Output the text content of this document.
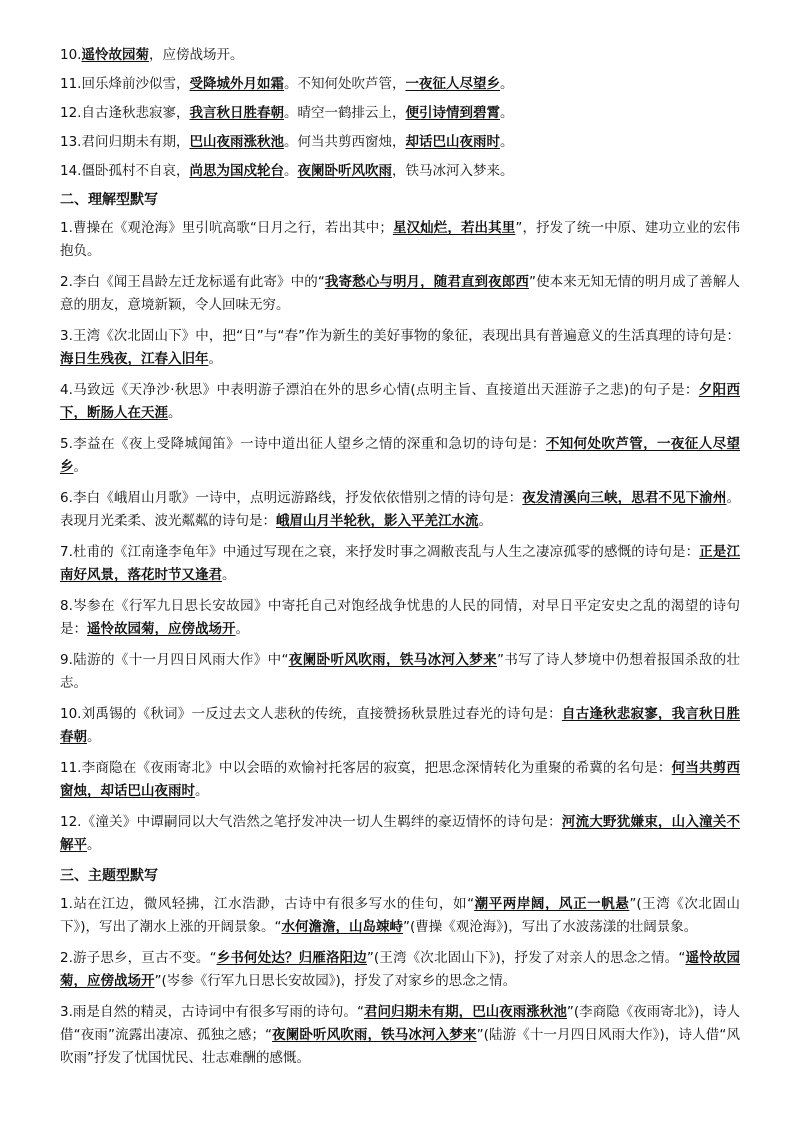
10.遥怜故园菊，应傍战场开。
11.回乐烽前沙似雪，受降城外月如霜。不知何处吹芦管，一夜征人尽望乡。
12.自古逢秋悲寂寥，我言秋日胜春朝。晴空一鹤排云上，便引诗情到碧霄。
13.君问归期未有期，巴山夜雨涨秋池。何当共剪西窗烛，却话巴山夜雨时。
14.僵卧孤村不自哀，尚思为国戍轮台。夜阑卧听风吹雨，铁马冰河入梦来。
二、理解型默写
1.曹操在《观沧海》里引吭高歌“日月之行，若出其中；星汉灿烂，若出其里”，抒发了统一中原、建功立业的宏伟抱负。
2.李白《闻王昌龄左迁龙标遥有此寄》中的“我寄愁心与明月，随君直到夜郎西”使本来无知无情的明月成了善解人意的朋友，意境新颖，令人回味无穷。
3.王湾《次北固山下》中，把“日”与“春”作为新生的美好事物的象征，表现出具有普遍意义的生活真理的诗句是：海日生残夜，江春入旧年。
4.马致远《天净沙·秋思》中表明游子漂泊在外的思乡心情(点明主旨、直接道出天涯游子之悲)的句子是：夕阳西下，断肠人在天涯。
5.李益在《夜上受降城闻笛》一诗中道出征人望乡之情的深重和急切的诗句是：不知何处吹芦管，一夜征人尽望乡。
6.李白《峨眉山月歌》一诗中，点明远游路线，抒发依依惜别之情的诗句是：夜发清溪向三峡，思君不见下渝州。表现月光柔柔、波光粼粼的诗句是：峨眉山月半轮秋，影入平羌江水流。
7.杜甫的《江南逢李龟年》中通过写现在之衰，来抒发时事之凋敝丧乱与人生之凄凉孤零的感慨的诗句是：正是江南好风景，落花时节又逢君。
8.岑参在《行军九日思长安故园》中寄托自己对饱经战争忧患的人民的同情，对早日平定安史之乱的渴望的诗句是：遥怜故园菊，应傍战场开。
9.陆游的《十一月四日风雨大作》中“夜阑卧听风吹雨，铁马冰河入梦来”书写了诗人梦境中仍想着报国杀敌的壮志。
10.刘禹锡的《秋词》一反过去文人悲秋的传统，直接赞扬秋景胜过春光的诗句是：自古逢秋悲寂寥，我言秋日胜春朝。
11.李商隐在《夜雨寄北》中以会晤的欢愉衬托客居的寂寞，把思念深情转化为重聚的希冀的名句是：何当共剪西窗烛，却话巴山夜雨时。
12.《潼关》中谭嗣同以大气浩然之笔抒发冲决一切人生羁绊的豪迈情怀的诗句是：河流大野犹嫌束，山入潼关不解平。
三、主题型默写
1.站在江边，微风轻拂，江水浩渺，古诗中有很多写水的佳句，如“潮平两岸阔，风正一帆悬”(王湾《次北固山下》)，写出了潮水上涨的开阔景象。“水何澹澹，山岛竦峙”(曹操《观沧海》)，写出了水波荡漾的壮阔景象。
2.游子思乡，亘古不变。“乡书何处达？归雁洛阳边”(王湾《次北固山下》)，抒发了对亲人的思念之情。“遥怜故园菊，应傍战场开”(岑参《行军九日思长安故园》)，抒发了对家乡的思念之情。
3.雨是自然的精灵，古诗词中有很多写雨的诗句。“君问归期未有期，巴山夜雨涨秋池”(李商隐《夜雨寄北》)，诗人借“夜雨”流露出凄凉、孤独之感；“夜阑卧听风吹雨，铁马冰河入梦来”(陆游《十一月四日风雨大作》)，诗人借“风吹雨”抒发了忧国忧民、壮志难酬的感慨。
